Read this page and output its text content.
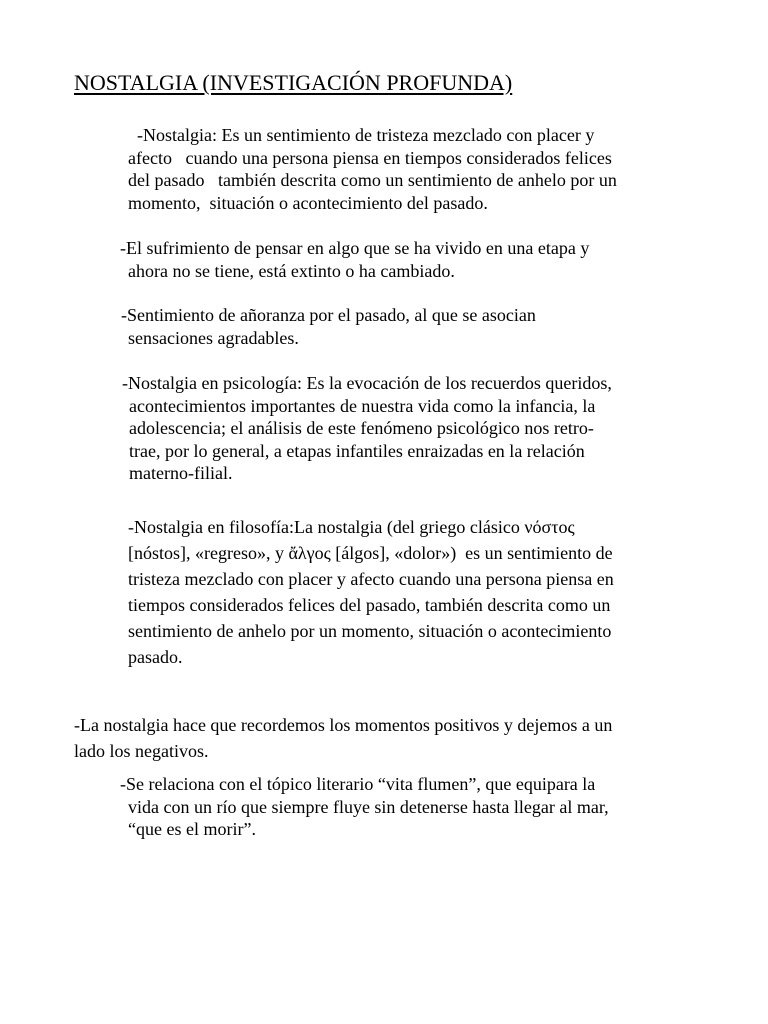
NOSTALGIA (INVESTIGACIÓN PROFUNDA)

-Nostalgia: Es un sentimiento de tristeza mezclado con placer y
afecto   cuando una persona piensa en tiempos considerados felices
del pasado   también descrita como un sentimiento de anhelo por un
momento,  situación o acontecimiento del pasado.

-El sufrimiento de pensar en algo que se ha vivido en una etapa y
ahora no se tiene, está extinto o ha cambiado.

-Sentimiento de añoranza por el pasado, al que se asocian
sensaciones agradables.

-Nostalgia en psicología: Es la evocación de los recuerdos queridos,
acontecimientos importantes de nuestra vida como la infancia, la
adolescencia; el análisis de este fenómeno psicológico nos retro-
trae, por lo general, a etapas infantiles enraizadas en la relación
materno-filial.

-Nostalgia en filosofía:La nostalgia (del griego clásico νόστος
[nóstos], «regreso», y ἄλγος [álgos], «dolor»)  es un sentimiento de
tristeza mezclado con placer y afecto cuando una persona piensa en
tiempos considerados felices del pasado, también descrita como un
sentimiento de anhelo por un momento, situación o acontecimiento
pasado.

-La nostalgia hace que recordemos los momentos positivos y dejemos a un
lado los negativos.

-Se relaciona con el tópico literario “vita flumen”, que equipara la
vida con un río que siempre fluye sin detenerse hasta llegar al mar,
“que es el morir”.
